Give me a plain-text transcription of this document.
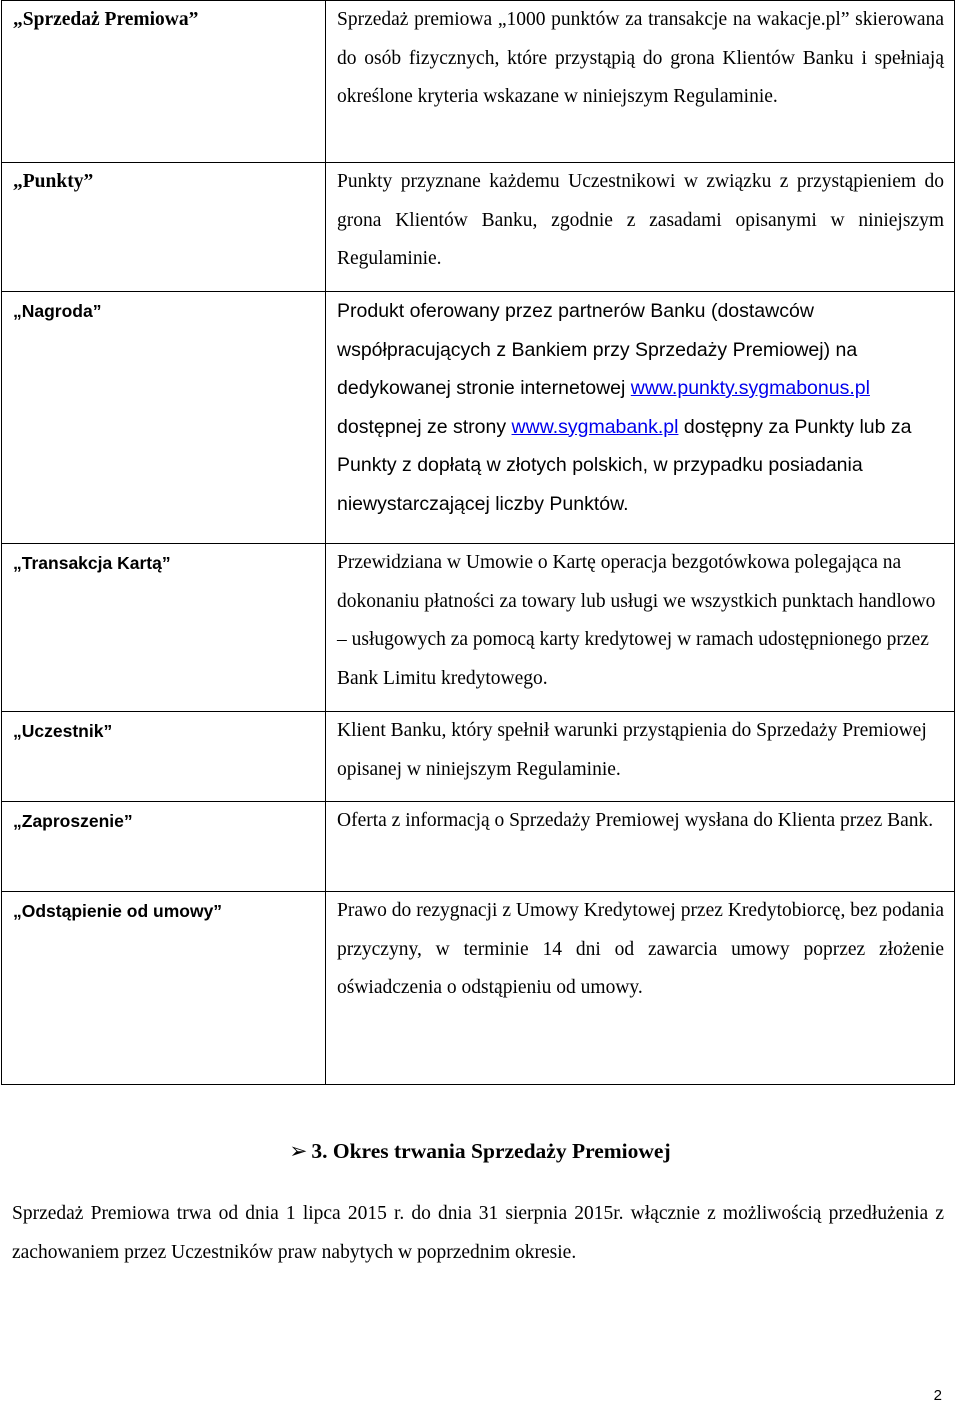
„Sprzedaż Premiowa”	Sprzedaż premiowa „1000 punktów za transakcje na wakacje.pl” skierowana do osób fizycznych, które przystąpią do grona Klientów Banku i spełniają określone kryteria wskazane w niniejszym Regulaminie.
„Punkty”	Punkty przyznane każdemu Uczestnikowi w związku z przystąpieniem do grona Klientów Banku, zgodnie z zasadami opisanymi w niniejszym Regulaminie.
„Nagroda”	Produkt oferowany przez partnerów Banku (dostawców współpracujących z Bankiem przy Sprzedaży Premiowej) na dedykowanej stronie internetowej www.punkty.sygmabonus.pl dostępnej ze strony www.sygmabank.pl dostępny za Punkty lub za Punkty z dopłatą w złotych polskich, w przypadku posiadania niewystarczającej liczby Punktów.
„Transakcja Kartą”	Przewidziana w Umowie o Kartę operacja bezgotówkowa polegająca na dokonaniu płatności za towary lub usługi we wszystkich punktach handlowo – usługowych za pomocą karty kredytowej w ramach udostępnionego przez Bank Limitu kredytowego.
„Uczestnik”	Klient Banku, który spełnił warunki przystąpienia do Sprzedaży Premiowej opisanej w niniejszym Regulaminie.
„Zaproszenie”	Oferta z informacją o Sprzedaży Premiowej wysłana do Klienta przez Bank.
„Odstąpienie od umowy”	Prawo do rezygnacji z Umowy Kredytowej przez Kredytobiorcę, bez podania przyczyny, w terminie 14 dni od zawarcia umowy poprzez złożenie oświadczenia o odstąpieniu od umowy.
➢ 3. Okres trwania Sprzedaży Premiowej

Sprzedaż Premiowa trwa od dnia 1 lipca 2015 r. do dnia 31 sierpnia 2015r. włącznie z możliwością przedłużenia z zachowaniem przez Uczestników praw nabytych w poprzednim okresie.

2
